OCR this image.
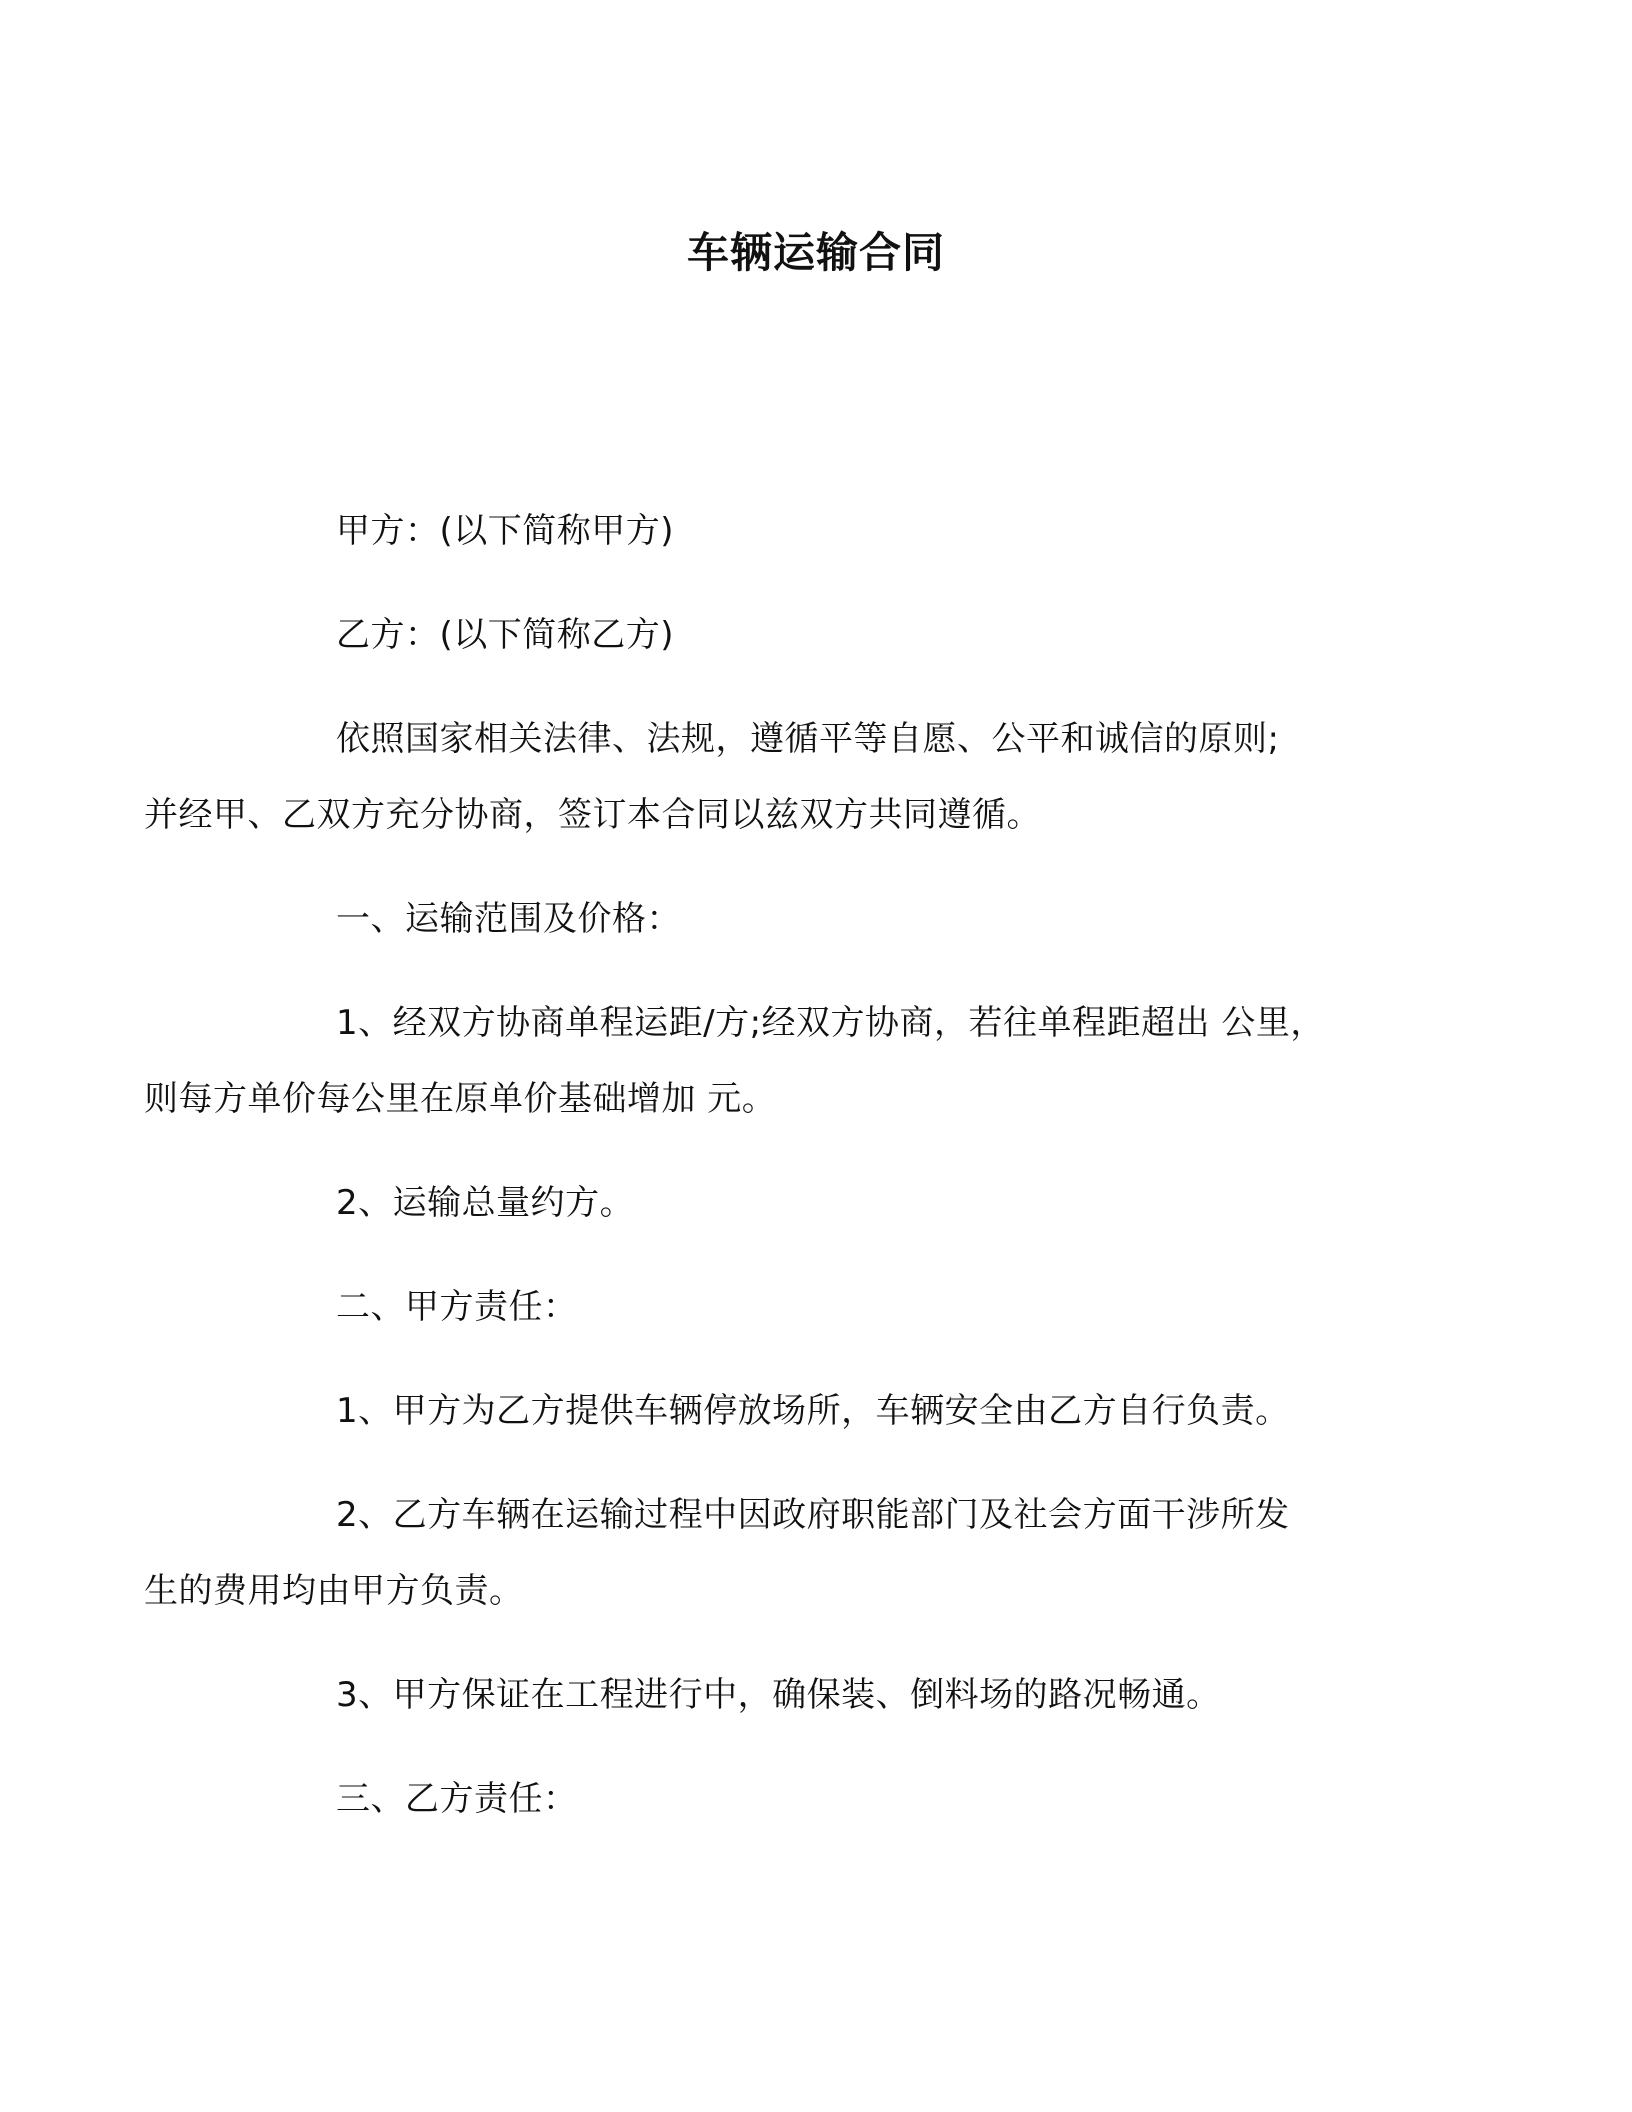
车辆运输合同

甲方：(以下简称甲方)

乙方：(以下简称乙方)

依照国家相关法律、法规，遵循平等自愿、公平和诚信的原则;
并经甲、乙双方充分协商，签订本合同以兹双方共同遵循。

一、运输范围及价格：

1、经双方协商单程运距/方;经双方协商，若往单程距超出 公里，
则每方单价每公里在原单价基础增加 元。

2、运输总量约方。

二、甲方责任：

1、甲方为乙方提供车辆停放场所，车辆安全由乙方自行负责。

2、乙方车辆在运输过程中因政府职能部门及社会方面干涉所发
生的费用均由甲方负责。

3、甲方保证在工程进行中，确保装、倒料场的路况畅通。

三、乙方责任：
